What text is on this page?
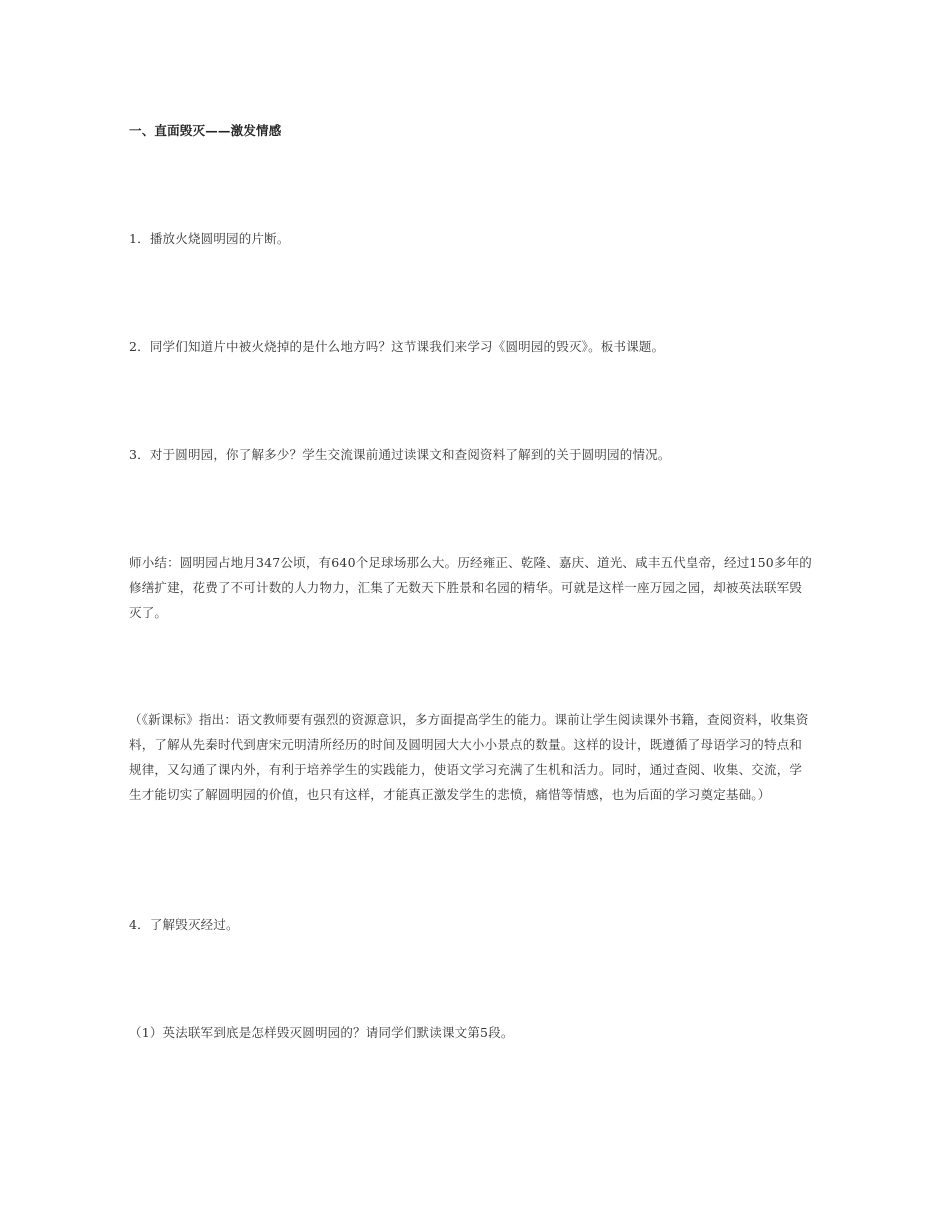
一、直面毁灭——激发情感

1．播放火烧圆明园的片断。

2．同学们知道片中被火烧掉的是什么地方吗？这节课我们来学习《圆明园的毁灭》。板书课题。

3．对于圆明园，你了解多少？学生交流课前通过读课文和查阅资料了解到的关于圆明园的情况。

师小结：圆明园占地月347公顷，有640个足球场那么大。历经雍正、乾隆、嘉庆、道光、咸丰五代皇帝，经过150多年的修缮扩建，花费了不可计数的人力物力，汇集了无数天下胜景和名园的精华。可就是这样一座万园之园，却被英法联军毁灭了。

（《新课标》指出：语文教师要有强烈的资源意识，多方面提高学生的能力。课前让学生阅读课外书籍，查阅资料，收集资料，了解从先秦时代到唐宋元明清所经历的时间及圆明园大大小小景点的数量。这样的设计，既遵循了母语学习的特点和规律，又勾通了课内外，有利于培养学生的实践能力，使语文学习充满了生机和活力。同时，通过查阅、收集、交流，学生才能切实了解圆明园的价值，也只有这样，才能真正激发学生的悲愤，痛惜等情感，也为后面的学习奠定基础。）

4．了解毁灭经过。

（1）英法联军到底是怎样毁灭圆明园的？请同学们默读课文第5段。
